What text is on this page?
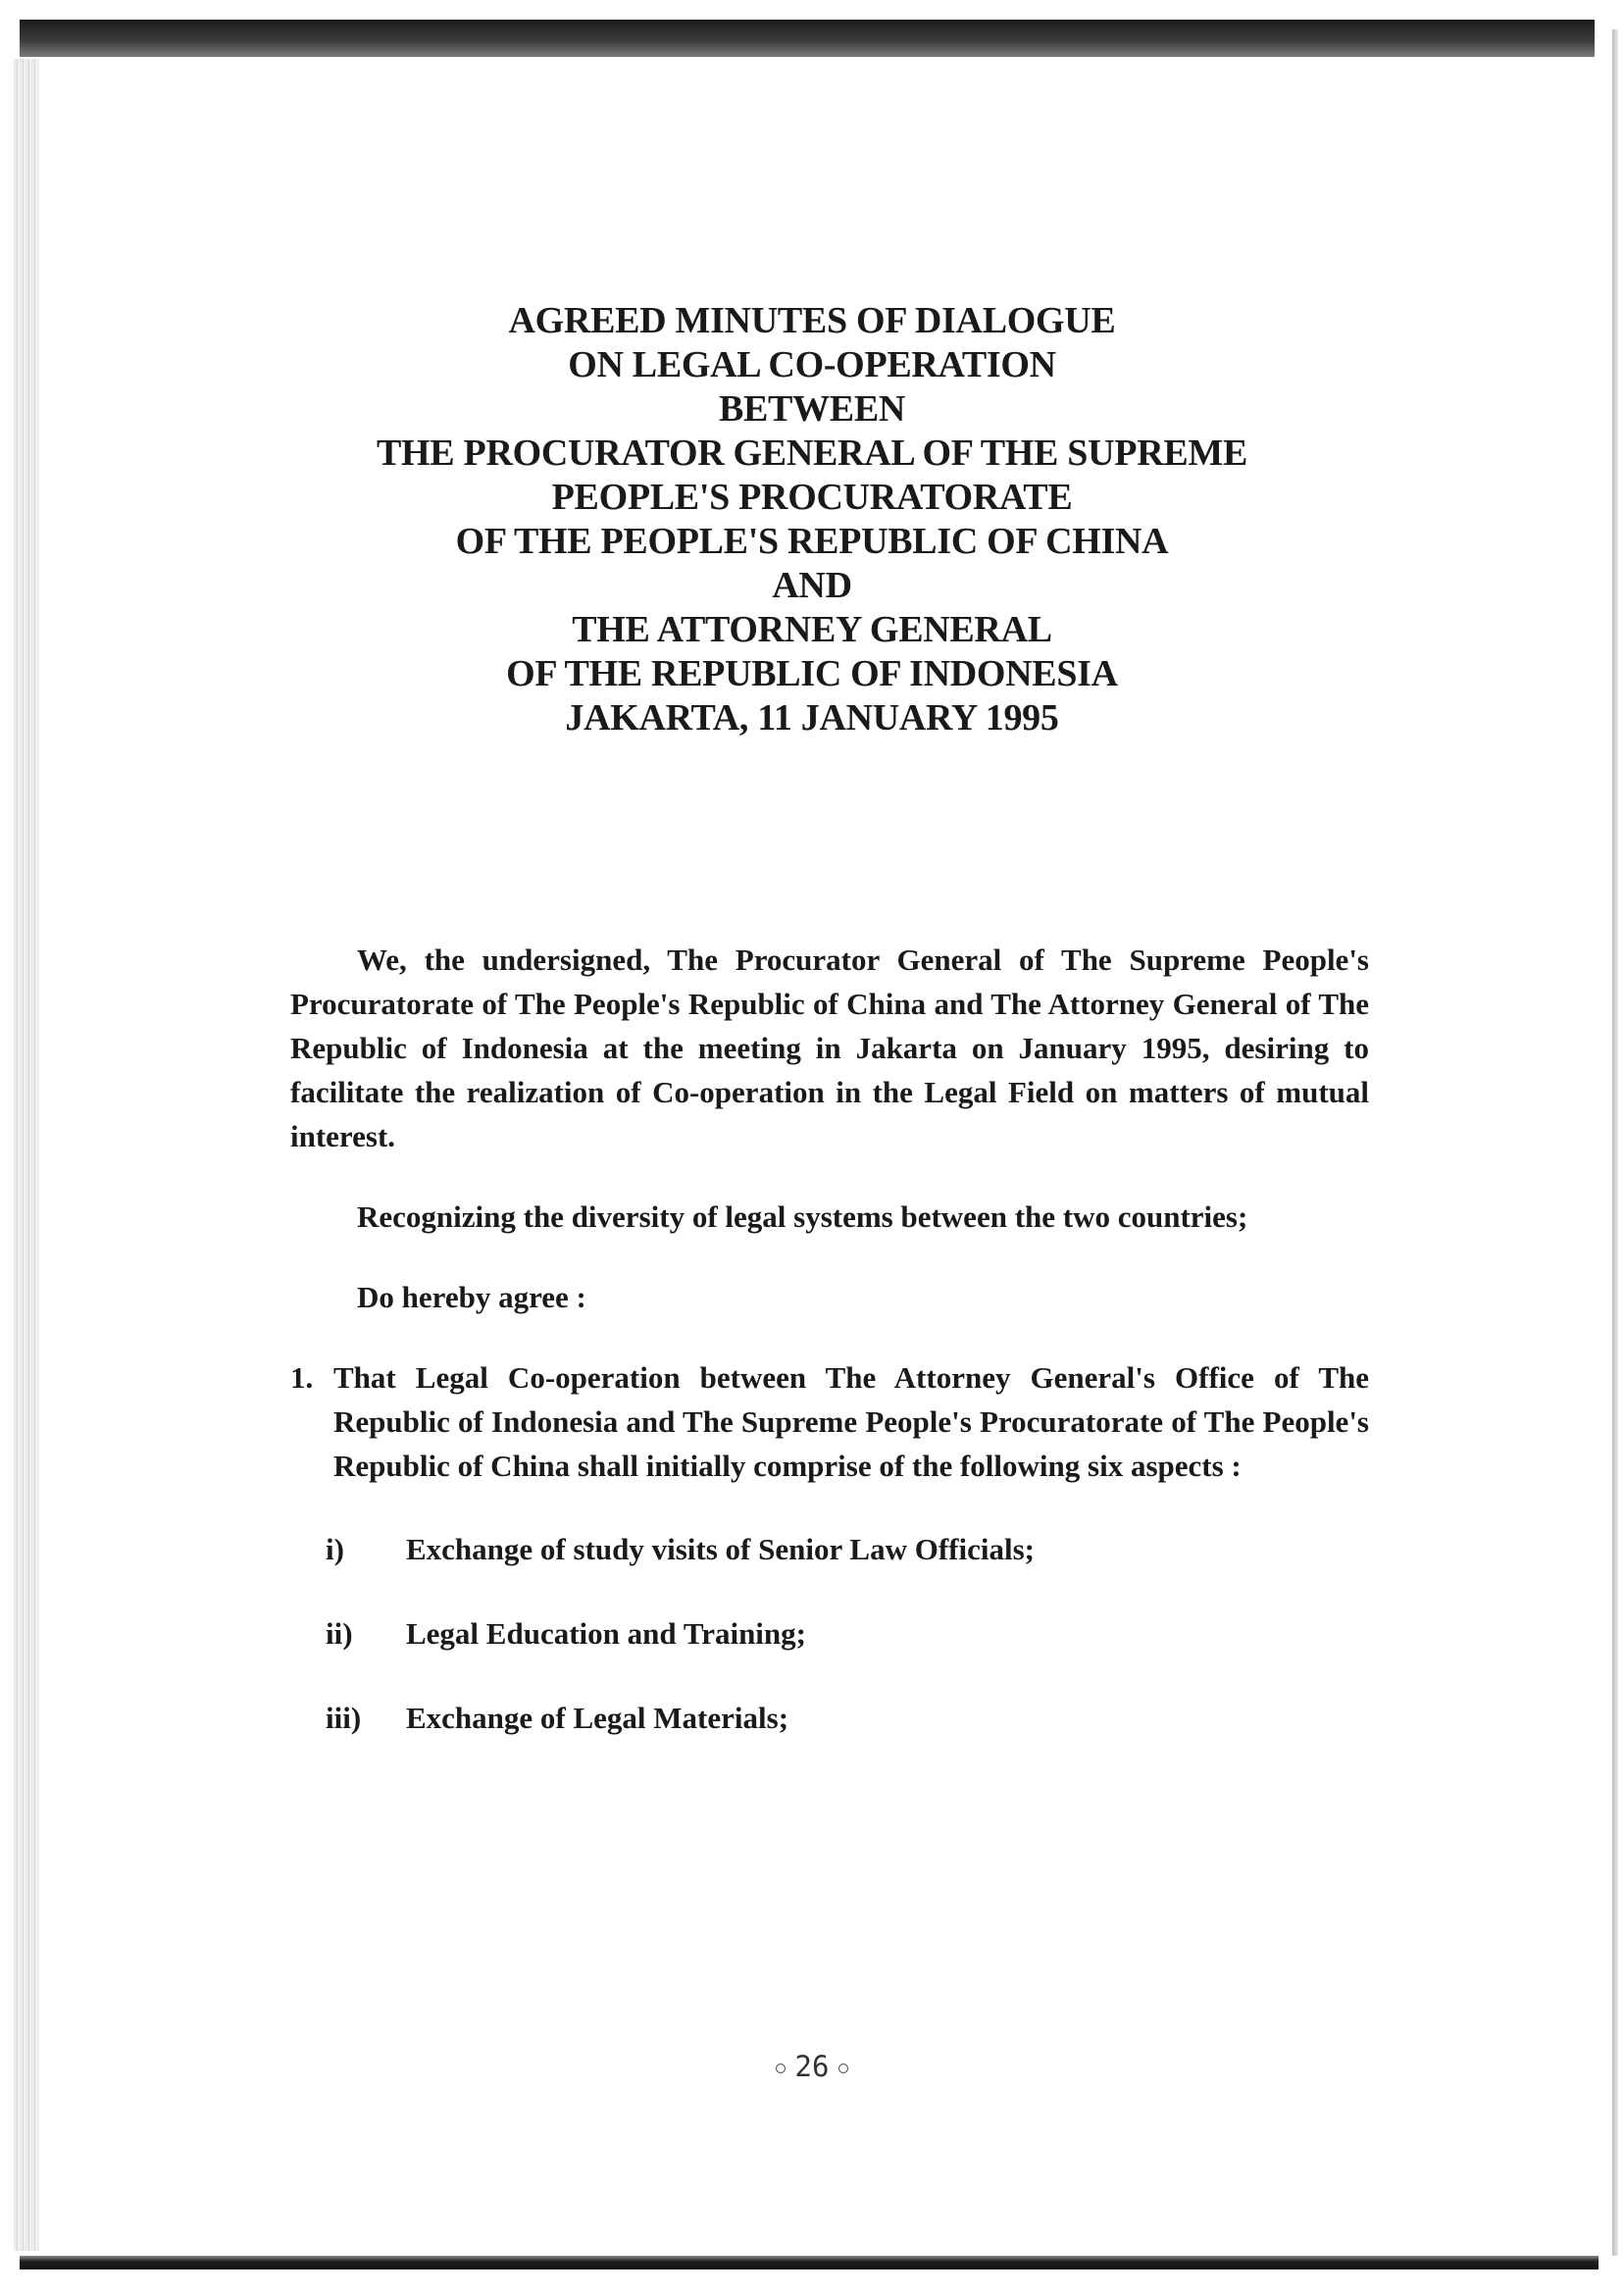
AGREED MINUTES OF DIALOGUE
ON LEGAL CO-OPERATION
BETWEEN
THE PROCURATOR GENERAL OF THE SUPREME
PEOPLE'S PROCURATORATE
OF THE PEOPLE'S REPUBLIC OF CHINA
AND
THE ATTORNEY GENERAL
OF THE REPUBLIC OF INDONESIA
JAKARTA, 11 JANUARY 1995

We, the undersigned, The Procurator General of The Supreme People's Procuratorate of The People's Republic of China and The Attorney General of The Republic of Indonesia at the meeting in Jakarta on January 1995, desiring to facilitate the realization of Co-operation in the Legal Field on matters of mutual interest.

Recognizing the diversity of legal systems between the two countries;

Do hereby agree :

1. That Legal Co-operation between The Attorney General's Office of The Republic of Indonesia and The Supreme People's Procuratorate of The People's Republic of China shall initially comprise of the following six aspects :
i) Exchange of study visits of Senior Law Officials;
ii) Legal Education and Training;
iii) Exchange of Legal Materials;
26
